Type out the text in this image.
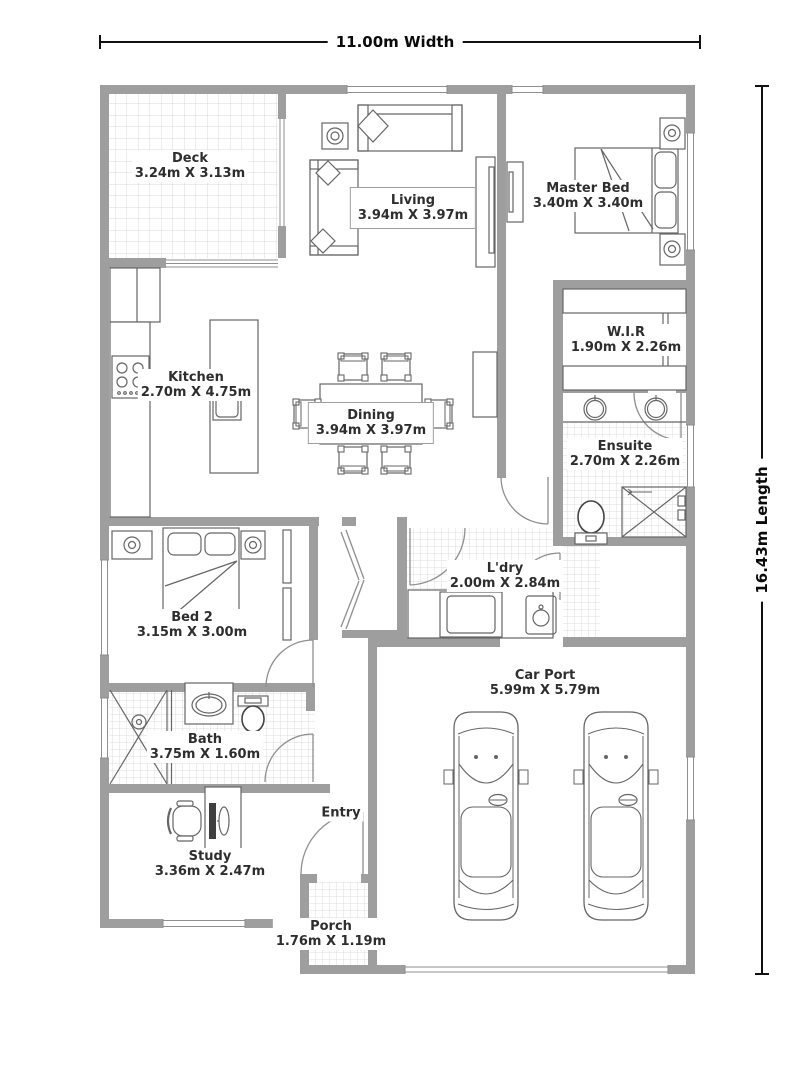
11.00m Width
16.43m Length
Deck
3.24m X 3.13m
Living
3.94m X 3.97m
Master Bed
3.40m X 3.40m
W.I.R
1.90m X 2.26m
Kitchen
2.70m X 4.75m
Dining
3.94m X 3.97m
Ensuite
2.70m X 2.26m
L'dry
2.00m X 2.84m
Bed 2
3.15m X 3.00m
Bath
3.75m X 1.60m
Car Port
5.99m X 5.79m
Study
3.36m X 2.47m
Entry
Porch
1.76m X 1.19m
